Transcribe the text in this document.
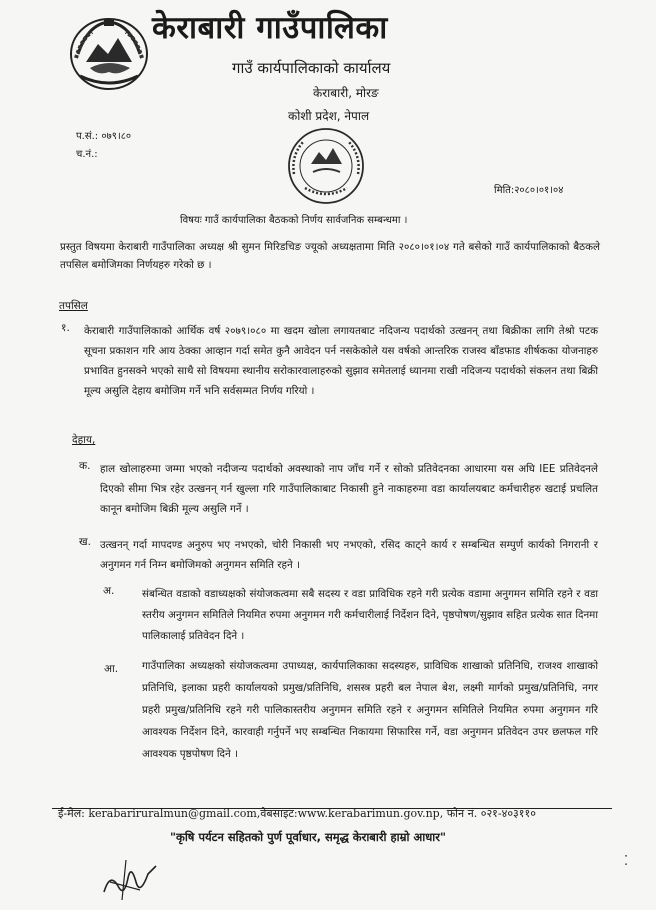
केराबारी गाउँपालिका
गाउँ कार्यपालिकाको कार्यालय
केराबारी, मोरङ
कोशी प्रदेश, नेपाल
प.सं.: ०७९।८०
च.नं.:
मिति:२०८०।०१।०४
विषयः गाउँ कार्यपालिका बैठकको निर्णय सार्वजनिक सम्बन्धमा ।
प्रस्तुत विषयमा केराबारी गाउँपालिका अध्यक्ष श्री सुमन मिरिडचिङ ज्यूको अध्यक्षतामा मिति २०८०।०१।०४ गते बसेको गाउँ कार्यपालिकाको बैठकले तपसिल बमोजिमका निर्णयहरु गरेको छ ।
तपसिल
१. केराबारी गाउँपालिकाको आर्थिक वर्ष २०७९।०८० मा खदम खोला लगायतबाट नदिजन्य पदार्थको उत्खनन् तथा बिक्रीका लागि तेश्रो पटक सूचना प्रकाशन गरि आय ठेक्का आव्हान गर्दा समेत कुनै आवेदन पर्न नसकेकोले यस वर्षको आन्तरिक राजस्व बाँडफाड शीर्षकका योजनाहरु प्रभावित हुनसक्ने भएको साथै सो विषयमा स्थानीय सरोकारवालाहरुको सुझाव समेतलाई ध्यानमा राखी नदिजन्य पदार्थको संकलन तथा बिक्री मूल्य असुलि देहाय बमोजिम गर्ने भनि सर्वसम्मत निर्णय गरियो ।
देहाय,
क. हाल खोलाहरुमा जम्मा भएको नदीजन्य पदार्थको अवस्थाको नाप जाँच गर्ने र सोको प्रतिवेदनका आधारमा यस अघि IEE प्रतिवेदनले दिएको सीमा भित्र रहेर उत्खनन् गर्न खुल्ला गरि गाउँपालिकाबाट निकासी हुने नाकाहरुमा वडा कार्यालयबाट कर्मचारीहरु खटाई प्रचलित कानून बमोजिम बिक्री मूल्य असुलि गर्ने ।
ख. उत्खनन् गर्दा मापदण्ड अनुरुप भए नभएको, चोरी निकासी भए नभएको, रसिद काट्ने कार्य र सम्बन्धित सम्पुर्ण कार्यको निगरानी र अनुगमन गर्न निम्न बमोजिमको अनुगमन समिति रहने ।
अ.	संबन्धित वडाको वडाध्यक्षको संयोजकत्वमा सबै सदस्य र वडा प्राविधिक रहने गरी प्रत्येक वडामा अनुगमन समिति रहने र वडा स्तरीय अनुगमन समितिले नियमित रुपमा अनुगमन गरी कर्मचारीलाई निर्देशन दिने, पृष्ठपोषण/सुझाव सहित प्रत्येक सात दिनमा पालिकालाई प्रतिवेदन दिने ।
आ. गाउँपालिका अध्यक्षको संयोजकत्वमा उपाध्यक्ष, कार्यपालिकाका सदस्यहरु, प्राविधिक शाखाको प्रतिनिधि, राजश्व शाखाको प्रतिनिधि, इलाका प्रहरी कार्यालयको प्रमुख/प्रतिनिधि, शसस्त्र प्रहरी बल नेपाल बेश, लक्ष्मी मार्गको प्रमुख/प्रतिनिधि, नगर प्रहरी प्रमुख/प्रतिनिधि रहने गरी पालिकास्तरीय अनुगमन समिति रहने र अनुगमन समितिले नियमित रुपमा अनुगमन गरि आवश्यक निर्देशन दिने, कारवाही गर्नुपर्ने भए सम्बन्धित निकायमा सिफारिस गर्ने, वडा अनुगमन प्रतिवेदन उपर छलफल गरि आवश्यक पृष्ठपोषण दिने ।
ई-मेल: kerabariruralmun@gmail.com,वेबसाइट:www.kerabarimun.gov.np, फोन नं. ०२१-४०३११०
"कृषि पर्यटन सहितको पुर्ण पूर्वाधार, समृद्ध केराबारी हाम्रो आधार"
⁚
